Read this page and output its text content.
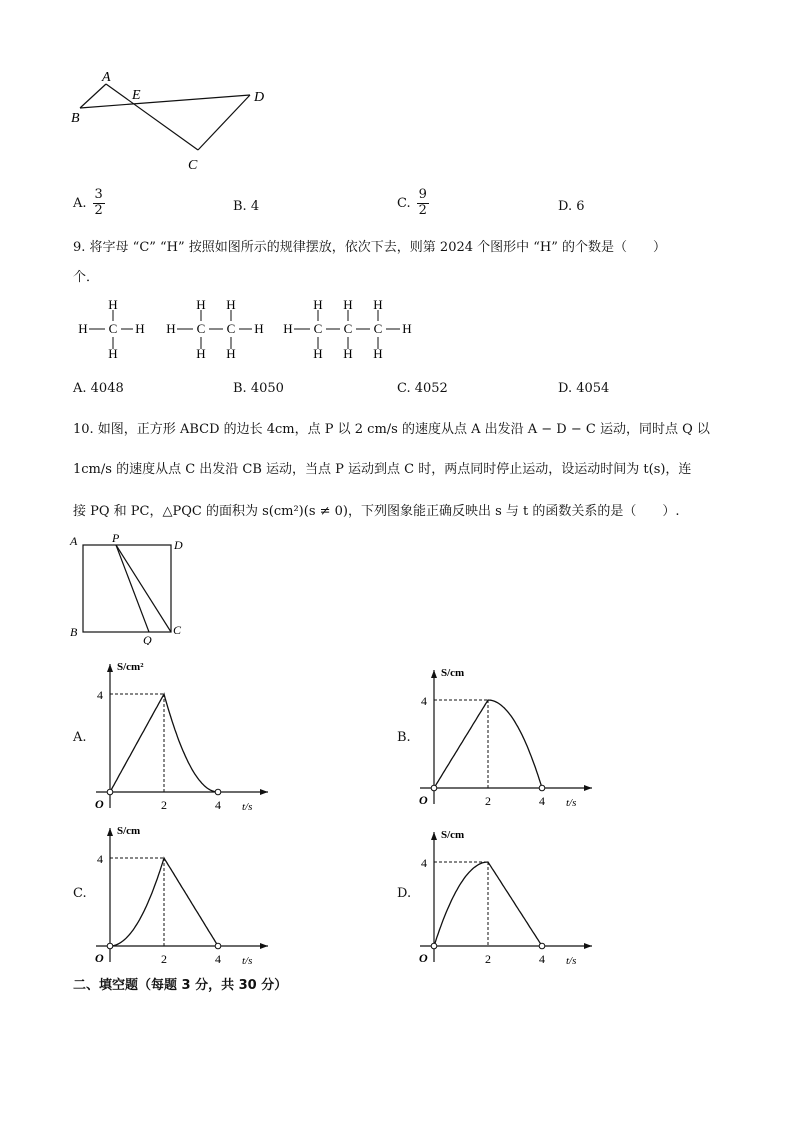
A
B
C
D
E
A. $\frac{3}{2}$	B. 4	C. $\frac{9}{2}$	D. 6
9. 将字母 “C” “H” 按照如图所示的规律摆放，依次下去，则第 2024 个图形中 “H” 的个数是（　　）
个．
H	H
C
H
H
H	H
C
H
H
C
H
H
H	H
C
H
H
C
H
H
C
H
H
A. 4048	B. 4050	C. 4052	D. 4054
10. 如图，正方形 ABCD 的边长 4cm，点 P 以 2 cm/s 的速度从点 A 出发沿 A − D − C 运动，同时点 Q 以
1cm/s 的速度从点 C 出发沿 CB 运动，当点 P 运动到点 C 时，两点同时停止运动，设运动时间为 t(s)，连
接 PQ 和 PC，△PQC 的面积为 s(cm²)(s ≠ 0)，下列图象能正确反映出 s 与 t 的函数关系的是（　　）.
A	P	D
B
Q
C
A.	B.
C.	D.
S/cm²
t/s
O
4
2	4
S/cm
t/s
O
4
2	4
S/cm
t/s
O
4
2	4
S/cm
t/s
O
4
2	4
二、填空题（每题 3 分，共 30 分）
